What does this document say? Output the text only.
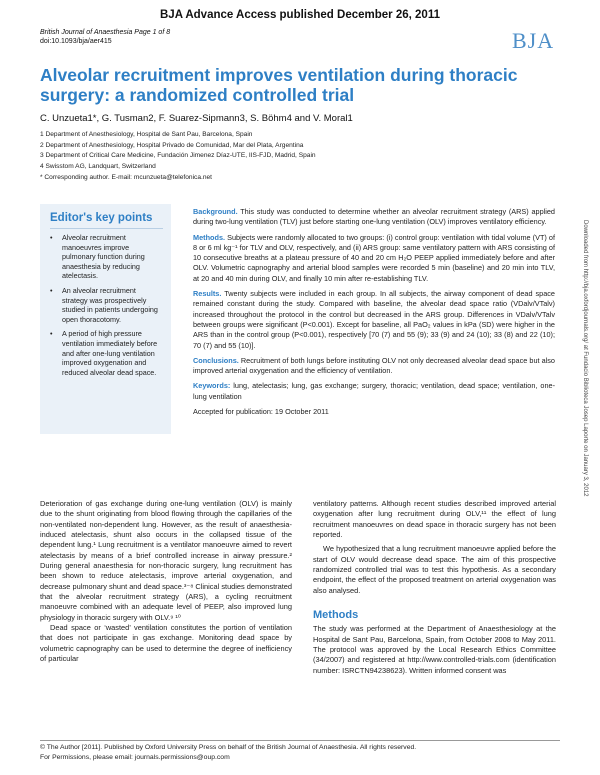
BJA Advance Access published December 26, 2011
British Journal of Anaesthesia Page 1 of 8
doi:10.1093/bja/aer415	BJA
Alveolar recruitment improves ventilation during thoracic surgery: a randomized controlled trial
C. Unzueta1*, G. Tusman2, F. Suarez-Sipmann3, S. Böhm4 and V. Moral1
1 Department of Anesthesiology, Hospital de Sant Pau, Barcelona, Spain
2 Department of Anesthesiology, Hospital Privado de Comunidad, Mar del Plata, Argentina
3 Department of Critical Care Medicine, Fundación Jimenez Díaz-UTE, IIS-FJD, Madrid, Spain
4 Swisstom AG, Landquart, Switzerland
* Corresponding author. E-mail: mcunzueta@telefonica.net
Editor's key points
• Alveolar recruitment manoeuvres improve pulmonary function during anaesthesia by reducing atelectasis.
• An alveolar recruitment strategy was prospectively studied in patients undergoing open thoracotomy.
• A period of high pressure ventilation immediately before and after one-lung ventilation improved oxygenation and reduced alveolar dead space.

Background. This study was conducted to determine whether an alveolar recruitment strategy (ARS) applied during two-lung ventilation (TLV) just before starting one-lung ventilation (OLV) improves ventilatory efficiency.

Methods. Subjects were randomly allocated to two groups: (i) control group: ventilation with tidal volume (VT) of 8 or 6 ml kg⁻¹ for TLV and OLV, respectively, and (ii) ARS group: same ventilatory pattern with ARS consisting of 10 consecutive breaths at a plateau pressure of 40 and 20 cm H₂O PEEP applied immediately before and after OLV. Volumetric capnography and arterial blood samples were recorded 5 min (baseline) and 20 min into TLV, at 20 and 40 min during OLV, and finally 10 min after re-establishing TLV.

Results. Twenty subjects were included in each group. In all subjects, the airway component of dead space remained constant during the study. Compared with baseline, the alveolar dead space ratio (VDalv/VTalv) increased throughout the protocol in the control but decreased in the ARS group. Differences in VDalv/VTalv between groups were significant (P<0.001). Except for baseline, all PaO₂ values in kPa (SD) were higher in the ARS than in the control group (P<0.001), respectively [70 (7) and 55 (9); 33 (9) and 24 (10); 33 (8) and 22 (10); 70 (7) and 55 (10)].

Conclusions. Recruitment of both lungs before instituting OLV not only decreased alveolar dead space but also improved arterial oxygenation and the efficiency of ventilation.

Keywords: lung, atelectasis; lung, gas exchange; surgery, thoracic; ventilation, dead space; ventilation, one-lung ventilation

Accepted for publication: 19 October 2011	Downloaded from http://bja.oxfordjournals.org/ at Fundacio Biblioteca Josep Laporte on January 3, 2012

Deterioration of gas exchange during one-lung ventilation (OLV) is mainly due to the shunt originating from blood flowing through the capillaries of the non-ventilated non-dependent lung. However, as the result of anaesthesia-induced atelectasis, shunt also occurs in the collapsed tissue of the dependent lung.¹ Lung recruitment is a ventilator manoeuvre aimed to revert atelectasis by means of a brief controlled increase in airway pressure.² During general anaesthesia for non-thoracic surgery, lung recruitment has been shown to reduce atelectasis, improve arterial oxygenation, and decrease pulmonary shunt and dead space.³⁻⁸ Clinical studies demonstrated that the alveolar recruitment strategy (ARS), a cycling recruitment manoeuvre combined with an adequate level of PEEP, also improved lung physiology in thoracic surgery with OLV.⁹ ¹⁰

Dead space or ‘wasted’ ventilation constitutes the portion of ventilation that does not participate in gas exchange. Monitoring dead space by volumetric capnography can be used to determine the degree of inefficiency of particular

ventilatory patterns. Although recent studies described improved arterial oxygenation after lung recruitment during OLV,¹¹ the effect of lung recruitment manoeuvres on dead space in thoracic surgery has not been reported.

We hypothesized that a lung recruitment manoeuvre applied before the start of OLV would decrease dead space. The aim of this prospective randomized controlled trial was to test this hypothesis. As a secondary endpoint, the effect of the proposed treatment on arterial oxygenation was also analysed.

Methods

The study was performed at the Department of Anaesthesiology at the Hospital de Sant Pau, Barcelona, Spain, from October 2008 to May 2011. The protocol was approved by the Local Research Ethics Committee (34/2007) and registered at http://www.controlled-trials.com (identification number: ISRCTN94238623). Written informed consent was

© The Author [2011]. Published by Oxford University Press on behalf of the British Journal of Anaesthesia. All rights reserved.
For Permissions, please email: journals.permissions@oup.com
